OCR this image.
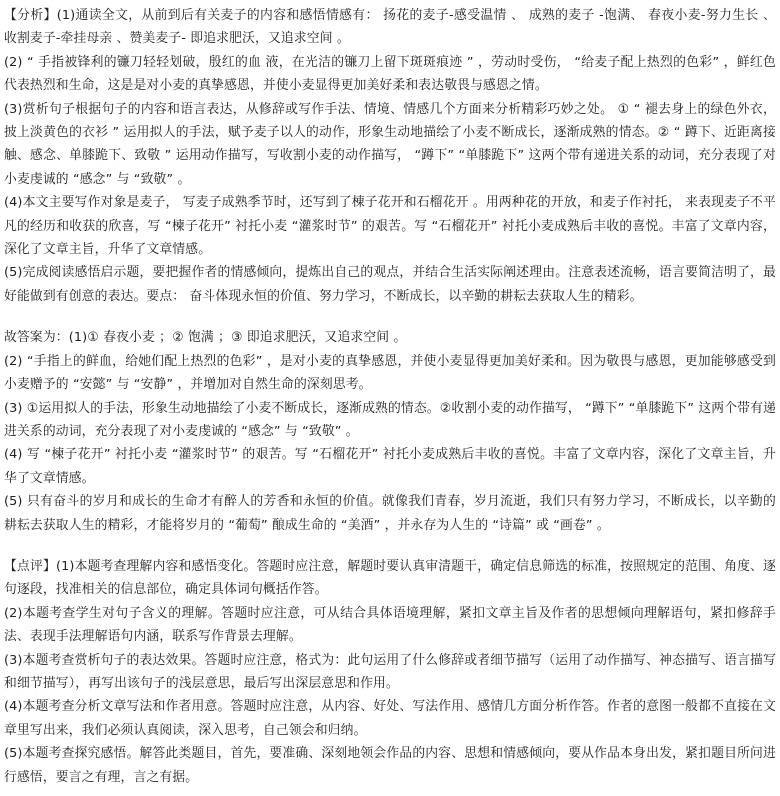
【分析】(1)通读全文，从前到后有关麦子的内容和感悟情感有： 扬花的麦子-感受温情 、 成熟的麦子 -饱满、 春夜小麦-努力生长 、 收割麦子-牵挂母亲 、赞美麦子- 即追求肥沃，又追求空间 。

(2) “ 手指被锋利的镰刀轻轻划破，殷红的血 液，在光洁的镰刀上留下斑斑痕迹 ” ，劳动时受伤， “给麦子配上热烈的色彩” ，鲜红色代表热烈和生命，这是是对小麦的真挚感恩，并使小麦显得更加美好柔和表达敬畏与感恩之情。

(3)赏析句子根据句子的内容和语言表达，从修辞或写作手法、情境、情感几个方面来分析精彩巧妙之处。 ① “ 褪去身上的绿色外衣，披上淡黄色的衣衫 ” 运用拟人的手法，赋予麦子以人的动作，形象生动地描绘了小麦不断成长，逐渐成熟的情态。② “ 蹲下、近距离接触、感念、单膝跪下、致敬 ” 运用动作描写，写收割小麦的动作描写， “蹲下” “单膝跪下” 这两个带有递进关系的动词，充分表现了对小麦虔诚的 “感念” 与 “致敬” 。

(4)本文主要写作对象是麦子， 写麦子成熟季节时，还写到了棟子花开和石榴花开 。用两种花的开放，和麦子作衬托， 来表现麦子不平凡的经历和收获的欣喜，写 “楝子花开” 衬托小麦 “灌浆时节” 的艰苦。写 “石榴花开” 衬托小麦成熟后丰收的喜悦。丰富了文章内容，深化了文章主旨，升华了文章情感。

(5)完成阅读感悟启示题，要把握作者的情感倾向，提炼出自己的观点，并结合生活实际阐述理由。注意表述流畅，语言要简洁明了，最好能做到有创意的表达。要点： 奋斗体现永恒的价值、努力学习，不断成长，以辛勤的耕耘去获取人生的精彩。

故答案为：(1)① 春夜小麦 ；② 饱满 ；③ 即追求肥沃，又追求空间 。

(2) “手指上的鲜血，给她们配上热烈的色彩” ，是对小麦的真挚感恩，并使小麦显得更加美好柔和。因为敬畏与感恩，更加能够感受到小麦赠予的 “安懿” 与 “安静” ，并增加对自然生命的深刻思考。

(3) ①运用拟人的手法，形象生动地描绘了小麦不断成长，逐渐成熟的情态。②收割小麦的动作描写， “蹲下” “单膝跪下” 这两个带有递进关系的动词，充分表现了对小麦虔诚的 “感念” 与 “致敬” 。

(4) 写 “楝子花开” 衬托小麦 “灌浆时节” 的艰苦。写 “石榴花开” 衬托小麦成熟后丰收的喜悦。丰富了文章内容，深化了文章主旨，升华了文章情感。

(5) 只有奋斗的岁月和成长的生命才有醉人的芳香和永恒的价值。就像我们青春，岁月流逝，我们只有努力学习，不断成长，以辛勤的耕耘去获取人生的精彩，才能将岁月的 “葡萄” 酿成生命的 “美酒” ，并永存为人生的 “诗篇” 或 “画卷” 。

【点评】(1)本题考查理解内容和感悟变化。答题时应注意，解题时要认真审清题干，确定信息筛选的标准，按照规定的范围、角度、逐句逐段，找准相关的信息部位，确定具体词句概括作答。

(2)本题考查学生对句子含义的理解。答题时应注意，可从结合具体语境理解，紧扣文章主旨及作者的思想倾向理解语句，紧扣修辞手法、表现手法理解语句内涵，联系写作背景去理解。

(3)本题考查赏析句子的表达效果。答题时应注意，格式为：此句运用了什么修辞或者细节描写（运用了动作描写、神态描写、语言描写和细节描写），再写出该句子的浅层意思，最后写出深层意思和作用。

(4)本题考查分析文章写法和作者用意。答题时应注意，从内容、好处、写法作用、感情几方面分析作答。作者的意图一般都不直接在文章里写出来，我们必须认真阅读，深入思考，自己领会和归纳。

(5)本题考查探究感悟。解答此类题目，首先，要准确、深刻地领会作品的内容、思想和情感倾向，要从作品本身出发，紧扣题目所问进行感悟，要言之有理，言之有据。
